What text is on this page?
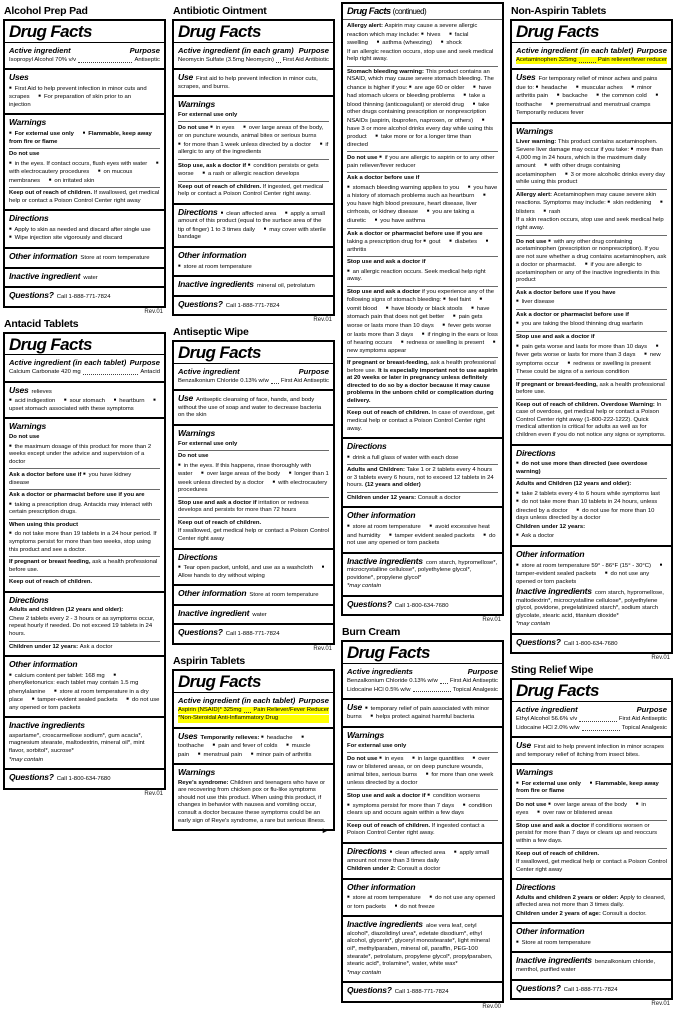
Alcohol Prep Pad
Drug Facts
Active ingredient	Purpose
Isopropyl Alcohol 70% v/v	Antiseptic
Uses
■ First Aid to help prevent infection in minor cuts and scrapes ■ For preparation of skin prior to an injection
Warnings
■ For external use only ■ Flammable, keep away from fire or flame
Do not use
■ in the eyes. If contact occurs, flush eyes with water ■ with electrocautery procedures ■ on mucous membranes ■ on irritated skin
Keep out of reach of children. If swallowed, get medical help or contact a Poison Control Center right away
Directions
■ Apply to skin as needed and discard after single use ■ Wipe injection site vigorously and discard
Other information Store at room temperature
Inactive ingredient water
Questions? Call 1-888-771-7824
Rev.01
Antacid Tablets
Drug Facts
Active ingredient (in each tablet) Purpose
Calcium Carbonate 420 mg	Antacid
Uses relieves
■ acid indigestion ■ sour stomach ■ heartburn ■ upset stomach associated with these symptoms
Warnings
Do not use
■ the maximum dosage of this product for more than 2 weeks except under the advice and supervision of a doctor
Ask a doctor before use if ■ you have kidney disease
Ask a doctor or pharmacist before use if you are
■ taking a prescription drug. Antacids may interact with certain prescription drugs.
When using this product
■ do not take more than 19 tablets in a 24 hour period. If symptoms persist for more than two weeks, stop using this product and see a doctor.
If pregnant or breast feeding, ask a health professional before use.
Keep out of reach of children.
Directions
Adults and children (12 years and older):
Chew 2 tablets every 2 - 3 hours or as symptoms occur, repeat hourly if needed. Do not exceed 19 tablets in 24 hours.
Children under 12 years: Ask a doctor
Other information
■ calcium content per tablet: 168 mg ■ phenylketonurics: each tablet may contain 1.5 mg phenylalanine ■ store at room temperature in a dry place ■ tamper-evident sealed packets ■ do not use any opened or torn packets
Inactive ingredients
aspartame*, croscarmellose sodium*, gum acacia*, magnesium stearate, maltodextrin, mineral oil*, mint flavor, sorbitol*, sucrose*
*may contain
Questions? Call 1-800-634-7680
Rev.01
Antibiotic Ointment
Drug Facts
Active ingredient (in each gram) Purpose
Neomycin Sulfate (3.5mg Neomycin) First Aid Antibiotic
Use First aid to help prevent infection in minor cuts, scrapes, and burns.
Warnings
For external use only
Do not use ■ in eyes ■ over large areas of the body, or on puncture wounds, animal bites or serious burns ■ for more than 1 week unless directed by a doctor ■ if allergic to any of the ingredients
Stop use, ask a doctor if ■ condition persists or gets worse ■ a rash or allergic reaction develops
Keep out of reach of children. If ingested, get medical help or contact a Poison Control Center right away.
Directions ■ clean affected area ■ apply a small amount of this product (equal to the surface area of the tip of finger) 1 to 3 times daily ■ may cover with sterile bandage
Other information
■ store at room temperature
Inactive ingredients mineral oil, petrolatum
Questions? Call 1-888-771-7824
Rev.01
Antiseptic Wipe
Drug Facts
Active ingredient	Purpose
Benzalkonium Chloride 0.13% w/w First Aid Antiseptic
Use Antiseptic cleansing of face, hands, and body without the use of soap and water to decrease bacteria on the skin
Warnings
For external use only
Do not use
■ in the eyes. If this happens, rinse thoroughly with water ■ over large areas of the body ■ longer than 1 week unless directed by a doctor ■ with electrocautery procedures
Stop use and ask a doctor if irritation or redness develops and persists for more than 72 hours
Keep out of reach of children.
If swallowed, get medical help or contact a Poison Control Center right away
Directions
■ Tear open packet, unfold, and use as a washcloth ■ Allow hands to dry without wiping
Other information Store at room temperature
Inactive ingredient water
Questions? Call 1-888-771-7824
Rev.01
Aspirin Tablets
Drug Facts
Active ingredient (in each tablet) Purpose
Aspirin (NSAID)* 325mg Pain Reliever/Fever Reducer
*Non-Steroidal Anti-Inflammatory Drug
Uses Temporarily relieves: ■ headache ■ toothache ■ pain and fever of colds ■ muscle pain ■ menstrual pain ■ minor pain of arthritis
Warnings
Reye's syndrome: Children and teenagers who have or are recovering from chicken pox or flu-like symptoms should not use this product. When using this product, if changes in behavior with nausea and vomiting occur, consult a doctor because these symptoms could be an early sign of Reye's syndrome, a rare but serious illness.
►
Drug Facts (continued)
Allergy alert: Aspirin may cause a severe allergic reaction which may include: ■ hives ■ facial swelling ■ asthma (wheezing) ■ shock
If an allergic reaction occurs, stop use and seek medical help right away.
Stomach bleeding warning: This product contains an NSAID, which may cause severe stomach bleeding. The chance is higher if you: ■ are age 60 or older ■ have had stomach ulcers or bleeding problems ■ take a blood thinning (anticoagulant) or steroid drug ■ take other drugs containing prescription or nonprescription NSAIDs (aspirin, ibuprofen, naproxen, or others) ■ have 3 or more alcohol drinks every day while using this product ■ take more or for a longer time than directed
Do not use ■ if you are allergic to aspirin or to any other pain reliever/fever reducer
Ask a doctor before use if
■ stomach bleeding warning applies to you ■ you have a history of stomach problems such as heartburn ■ you have high blood pressure, heart disease, liver cirrhosis, or kidney disease ■ you are taking a diuretic ■ you have asthma
Ask a doctor or pharmacist before use if you are taking a prescription drug for ■ gout ■ diabetes ■ arthritis
Stop use and ask a doctor if
■ an allergic reaction occurs. Seek medical help right away.
Stop use and ask a doctor if you experience any of the following signs of stomach bleeding: ■ feel faint ■ vomit blood ■ have bloody or black stools ■ have stomach pain that does not get better ■ pain gets worse or lasts more than 10 days ■ fever gets worse or lasts more than 3 days ■ if ringing in the ears or loss of hearing occurs ■ redness or swelling is present ■ new symptoms appear
If pregnant or breast-feeding, ask a health professional before use. It is especially important not to use aspirin at 20 weeks or later in pregnancy unless definitely directed to do so by a doctor because it may cause problems in the unborn child or complication during delivery.
Keep out of reach of children. In case of overdose, get medical help or contact a Poison Control Center right away.
Directions
■ drink a full glass of water with each dose
Adults and Children: Take 1 or 2 tablets every 4 hours or 3 tablets every 6 hours, not to exceed 12 tablets in 24 hours. (12 years and older)
Children under 12 years: Consult a doctor
Other information
■ store at room temperature ■ avoid excessive heat and humidity ■ tamper evident sealed packets ■ do not use any opened or torn packets
Inactive ingredients corn starch, hypromellose*, microcrystalline cellulose*, polyethylene glycol*, povidone*, propylene glycol*
*may contain
Questions? Call 1-800-634-7680
Rev.01
Burn Cream
Drug Facts
Active ingredients	Purpose
Benzalkonium Chloride 0.13% w/w First Aid Antiseptic
Lidocaine HCl 0.5% w/w	Topical Analgesic
Use ■ temporary relief of pain associated with minor burns ■ helps protect against harmful bacteria
Warnings
For external use only
Do not use ■ in eyes ■ in large quantities ■ over raw or blistered areas, or on deep puncture wounds, animal bites, serious burns ■ for more than one week unless directed by a doctor
Stop use and ask a doctor if ■ condition worsens
■ symptoms persist for more than 7 days ■ condition clears up and occurs again within a few days
Keep out of reach of children. If ingested contact a Poison Control Center right away.
Directions ■ clean affected area ■ apply small amount not more than 3 times daily
Children under 2: Consult a doctor
Other information
■ store at room temperature ■ do not use any opened or torn packets ■ do not freeze
Inactive ingredients aloe vera leaf, cetyl alcohol*, diazolidinyl urea*, edetate disodium*, ethyl alcohol, glycerin*, glyceryl monostearate*, light mineral oil*, methylparaben, mineral oil, paraffin, PEG-100 stearate*, petrolatum, propylene glycol*, propylparaben, stearic acid*, trolamine*, water, white wax*
*may contain
Questions? Call 1-888-771-7824
Rev.00
Non-Aspirin Tablets
Drug Facts
Active ingredient (in each tablet) Purpose
Acetaminophen 325mg	Pain reliever/fever reducer
Uses For temporary relief of minor aches and pains due to: ■ headache ■ muscular aches ■ minor arthritis pain ■ backache ■ the common cold ■ toothache ■ premenstrual and menstrual cramps
Temporarily reduces fever
Warnings
Liver warning: This product contains acetaminophen. Severe liver damage may occur if you take: ■ more than 4,000 mg in 24 hours, which is the maximum daily amount ■ with other drugs containing acetaminophen ■ 3 or more alcoholic drinks every day while using this product
Allergy alert: Acetaminophen may cause severe skin reactions. Symptoms may include: ■ skin reddening ■ blisters ■ rash
If a skin reaction occurs, stop use and seek medical help right away.
Do not use ■ with any other drug containing acetaminophen (prescription or nonprescription). If you are not sure whether a drug contains acetaminophen, ask a doctor or pharmacist. ■ if you are allergic to acetaminophen or any of the inactive ingredients in this product
Ask a doctor before use if you have
■ liver disease
Ask a doctor or pharmacist before use if
■ you are taking the blood thinning drug warfarin
Stop use and ask a doctor if
■ pain gets worse and lasts for more than 10 days ■ fever gets worse or lasts for more than 3 days ■ new symptoms occur ■ redness or swelling is present
These could be signs of a serious condition
If pregnant or breast-feeding, ask a health professional before use.
Keep out of reach of children. Overdose Warning: In case of overdose, get medical help or contact a Poison Control Center right away (1-800-222-1222). Quick medical attention is critical for adults as well as for children even if you do not notice any signs or symptoms.
Directions
■ do not use more than directed (see overdose warning)
Adults and Children (12 years and older):
■ take 2 tablets every 4 to 6 hours while symptoms last ■ do not take more than 10 tablets in 24 hours, unless directed by a doctor ■ do not use for more than 10 days unless directed by a doctor
Children under 12 years:
■ Ask a doctor
Other information
■ store at room temperature 59° - 86°F (15° - 30°C) ■ tamper-evident sealed packets ■ do not use any opened or torn packets
Inactive ingredients corn starch, hypromellose, maltodextrin*, microcrystalline cellulose*, polyethylene glycol, povidone, pregelatinized starch*, sodium starch glycolate, stearic acid, titanium dioxide*
*may contain
Questions? Call 1-800-634-7680
Rev.01
Sting Relief Wipe
Drug Facts
Active ingredient	Purpose
Ethyl Alcohol 56.6% v/v	First Aid Antiseptic
Lidocaine HCl 2.0% w/w	Topical Analgesic
Use First aid to help prevent infection in minor scrapes and temporary relief of itching from insect bites.
Warnings
■ For external use only ■ Flammable, keep away from fire or flame
Do not use ■ over large areas of the body ■ in eyes ■ over raw or blistered areas
Stop use and ask a doctor if conditions worsen or persist for more than 7 days or clears up and reoccurs within a few days.
Keep out of reach of children.
If swallowed, get medical help or contact a Poison Control Center right away
Directions
Adults and children 2 years or older: Apply to cleaned, affected area not more than 3 times daily.
Children under 2 years of age: Consult a doctor.
Other information
■ Store at room temperature
Inactive ingredients benzalkonium chloride, menthol, purified water
Questions? Call 1-888-771-7824
Rev.01
